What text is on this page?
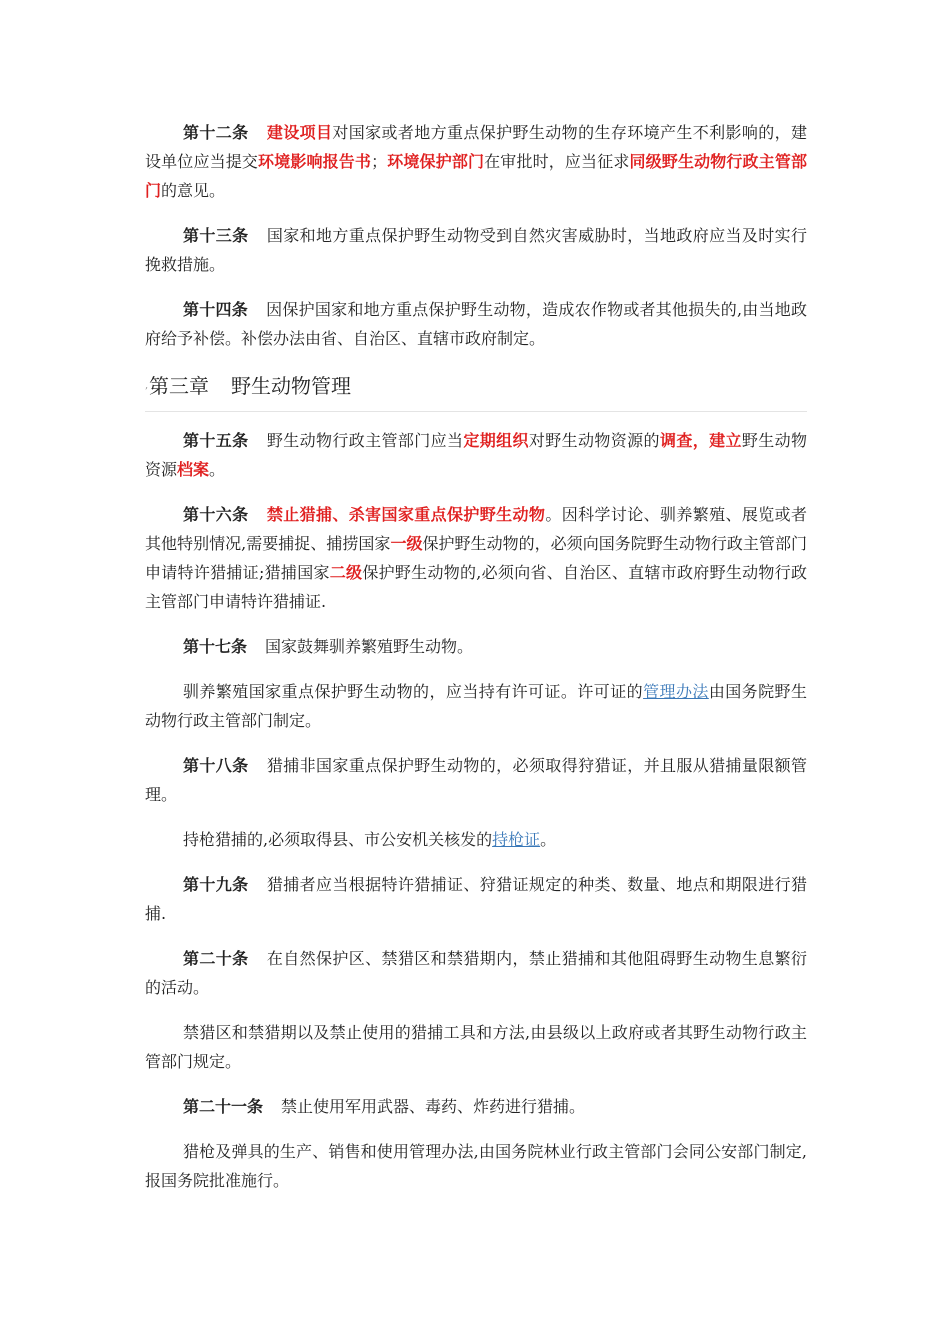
第十二条 建设项目对国家或者地方重点保护野生动物的生存环境产生不利影响的，建设单位应当提交环境影响报告书；环境保护部门在审批时，应当征求同级野生动物行政主管部门的意见。

第十三条 国家和地方重点保护野生动物受到自然灾害威胁时，当地政府应当及时实行挽救措施。

第十四条 因保护国家和地方重点保护野生动物，造成农作物或者其他损失的,由当地政府给予补偿。补偿办法由省、自治区、直辖市政府制定。

,第三章 野生动物管理

第十五条 野生动物行政主管部门应当定期组织对野生动物资源的调查，建立野生动物资源档案。

第十六条 禁止猎捕、杀害国家重点保护野生动物。因科学讨论、驯养繁殖、展览或者其他特别情况,需要捕捉、捕捞国家一级保护野生动物的，必须向国务院野生动物行政主管部门申请特许猎捕证;猎捕国家二级保护野生动物的,必须向省、自治区、直辖市政府野生动物行政主管部门申请特许猎捕证.

第十七条 国家鼓舞驯养繁殖野生动物。

驯养繁殖国家重点保护野生动物的，应当持有许可证。许可证的管理办法由国务院野生动物行政主管部门制定。

第十八条 猎捕非国家重点保护野生动物的，必须取得狩猎证，并且服从猎捕量限额管理。

持枪猎捕的,必须取得县、市公安机关核发的持枪证。

第十九条 猎捕者应当根据特许猎捕证、狩猎证规定的种类、数量、地点和期限进行猎捕.

第二十条 在自然保护区、禁猎区和禁猎期内，禁止猎捕和其他阻碍野生动物生息繁衍的活动。

禁猎区和禁猎期以及禁止使用的猎捕工具和方法,由县级以上政府或者其野生动物行政主管部门规定。

第二十一条 禁止使用军用武器、毒药、炸药进行猎捕。

猎枪及弹具的生产、销售和使用管理办法,由国务院林业行政主管部门会同公安部门制定,报国务院批准施行。
